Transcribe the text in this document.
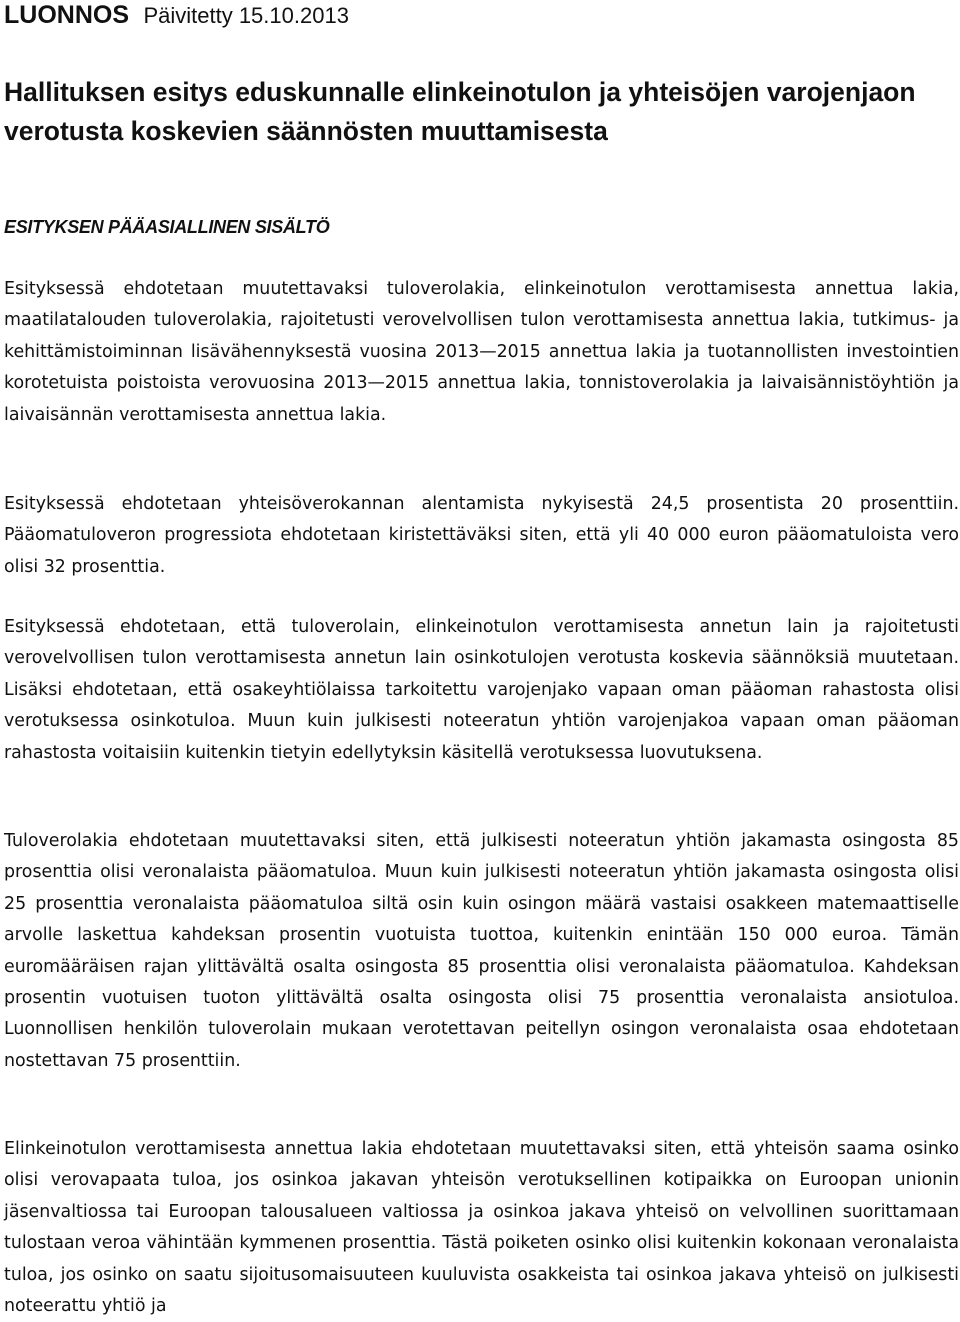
LUONNOS Päivitetty 15.10.2013
Hallituksen esitys eduskunnalle elinkeinotulon ja yhteisöjen varojenjaon verotusta koskevien säännösten muuttamisesta
ESITYKSEN PÄÄASIALLINEN SISÄLTÖ

Esityksessä ehdotetaan muutettavaksi tuloverolakia, elinkeinotulon verottamisesta annettua lakia, maatilatalouden tuloverolakia, rajoitetusti verovelvollisen tulon verottamisesta annettua lakia, tutkimus- ja kehittämistoiminnan lisävähennyksestä vuosina 2013—2015 annettua lakia ja tuotannollisten investointien korotetuista poistoista verovuosina 2013—2015 annettua lakia, tonnistoverolakia ja laivaisännistöyhtiön ja laivaisännän verottamisesta annettua lakia.

Esityksessä ehdotetaan yhteisöverokannan alentamista nykyisestä 24,5 prosentista 20 prosenttiin. Pääomatuloveron progressiota ehdotetaan kiristettäväksi siten, että yli 40 000 euron pääomatuloista vero olisi 32 prosenttia.

Esityksessä ehdotetaan, että tuloverolain, elinkeinotulon verottamisesta annetun lain ja rajoitetusti verovelvollisen tulon verottamisesta annetun lain osinkotulojen verotusta koskevia säännöksiä muutetaan. Lisäksi ehdotetaan, että osakeyhtiölaissa tarkoitettu varojenjako vapaan oman pääoman rahastosta olisi verotuksessa osinkotuloa. Muun kuin julkisesti noteeratun yhtiön varojenjakoa vapaan oman pääoman rahastosta voitaisiin kuitenkin tietyin edellytyksin käsitellä verotuksessa luovutuksena.

Tuloverolakia ehdotetaan muutettavaksi siten, että julkisesti noteeratun yhtiön jakamasta osingosta 85 prosenttia olisi veronalaista pääomatuloa. Muun kuin julkisesti noteeratun yhtiön jakamasta osingosta olisi 25 prosenttia veronalaista pääomatuloa siltä osin kuin osingon määrä vastaisi osakkeen matemaattiselle arvolle laskettua kahdeksan prosentin vuotuista tuottoa, kuitenkin enintään 150 000 euroa. Tämän euromääräisen rajan ylittävältä osalta osingosta 85 prosenttia olisi veronalaista pääomatuloa. Kahdeksan prosentin vuotuisen tuoton ylittävältä osalta osingosta olisi 75 prosenttia veronalaista ansiotuloa. Luonnollisen henkilön tuloverolain mukaan verotettavan peitellyn osingon veronalaista osaa ehdotetaan nostettavan 75 prosenttiin.

Elinkeinotulon verottamisesta annettua lakia ehdotetaan muutettavaksi siten, että yhteisön saama osinko olisi verovapaata tuloa, jos osinkoa jakavan yhteisön verotuksellinen kotipaikka on Euroopan unionin jäsenvaltiossa tai Euroopan talousalueen valtiossa ja osinkoa jakava yhteisö on velvollinen suorittamaan tulostaan veroa vähintään kymmenen prosenttia. Tästä poiketen osinko olisi kuitenkin kokonaan veronalaista tuloa, jos osinko on saatu sijoitusomaisuuteen kuuluvista osakkeista tai osinkoa jakava yhteisö on julkisesti noteerattu yhtiö ja
